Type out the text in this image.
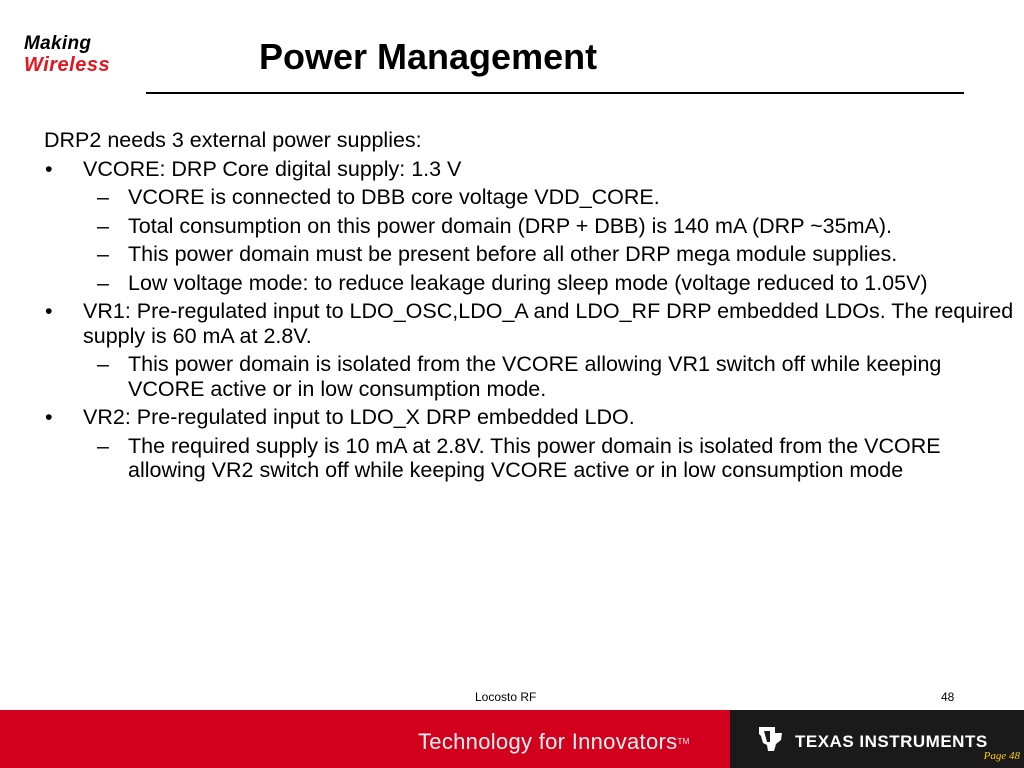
Making
Wireless	Power Management
DRP2 needs 3 external power supplies:
• VCORE: DRP Core digital supply: 1.3 V
– VCORE is connected to DBB core voltage VDD_CORE.
– Total consumption on this power domain (DRP + DBB) is 140 mA (DRP ~35mA).
– This power domain must be present before all other DRP mega module supplies.
– Low voltage mode: to reduce leakage during sleep mode (voltage reduced to 1.05V)
• VR1: Pre-regulated input to LDO_OSC,LDO_A and LDO_RF DRP embedded LDOs. The required supply is 60 mA at 2.8V.
– This power domain is isolated from the VCORE allowing VR1 switch off while keeping VCORE active or in low consumption mode.
• VR2: Pre-regulated input to LDO_X DRP embedded LDO.
– The required supply is 10 mA at 2.8V. This power domain is isolated from the VCORE allowing VR2 switch off while keeping VCORE active or in low consumption mode
Locosto RF	48
Technology for Innovators™	TEXAS INSTRUMENTS
Page 48
